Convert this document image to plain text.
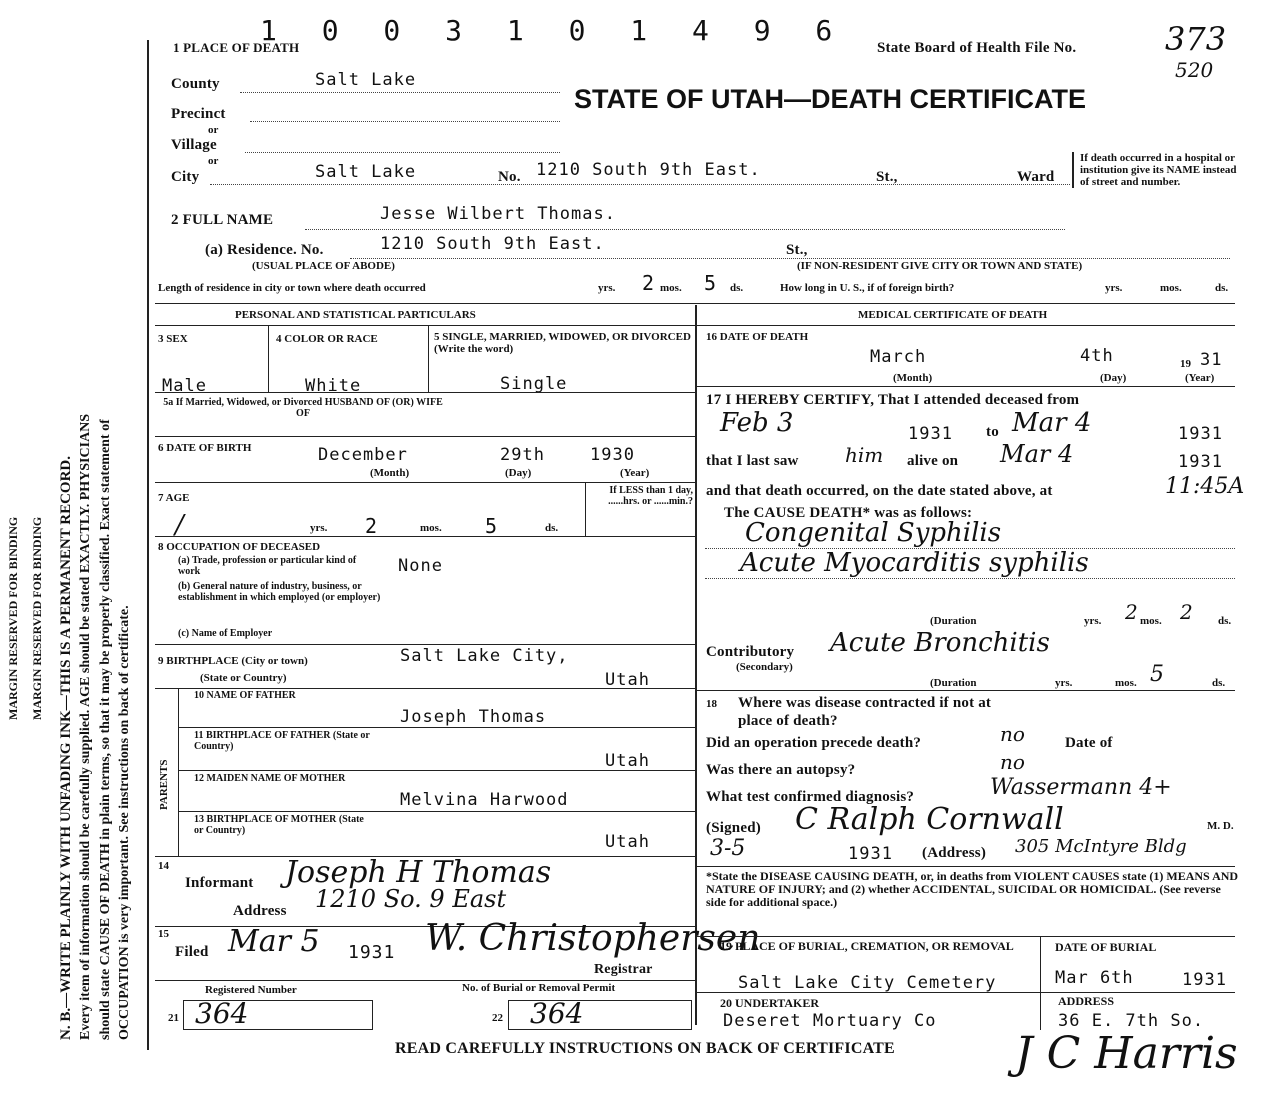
MARGIN RESERVED FOR BINDING MARGIN RESERVED FOR BINDING N. B.—WRITE PLAINLY WITH UNFADING INK—THIS IS A PERMANENT RECORD. Every item of information should be carefully supplied. AGE should be stated EXACTLY. PHYSICIANS should state CAUSE OF DEATH in plain terms, so that it may be properly classified. Exact statement of OCCUPATION is very important. See instructions on back of certificate.
1 0 0 3 1 0 1 4 9 6
1 PLACE OF DEATH	State Board of Health File No.	373
520
STATE OF UTAH—DEATH CERTIFICATE
County	Salt Lake
Precinct
or
Village
or
City	Salt Lake	No. 1210 South 9th East.	St.,	Ward
If death occurred in a hospital or institution give its NAME instead of street and number.
2 FULL NAME	Jesse Wilbert Thomas.
(a) Residence. No.	1210 South 9th East.	St.,
(USUAL PLACE OF ABODE)	(IF NON-RESIDENT GIVE CITY OR TOWN AND STATE)
Length of residence in city or town where death occurred	yrs. 2 mos. 5 ds.	How long in U. S., if of foreign birth?	yrs.	mos.	ds.
PERSONAL AND STATISTICAL PARTICULARS
3 SEX	4 COLOR OR RACE	5 SINGLE, MARRIED, WIDOWED, OR DIVORCED (Write the word)
Male	White	Single
5a If Married, Widowed, or Divorced HUSBAND OF (OR) WIFE OF
6 DATE OF BIRTH	December	29th	1930
(Month)	(Day)	(Year)
7 AGE
/	yrs. 2	mos. 5	ds.
If LESS than 1 day, ......hrs. or ......min.?
8 OCCUPATION OF DECEASED
(a) Trade, profession or particular kind of work	None
(b) General nature of industry, business, or establishment in which employed (or employer)
(c) Name of Employer
9 BIRTHPLACE (City or town)	Salt Lake City,
(State or Country)	Utah
PARENTS
10 NAME OF FATHER
Joseph Thomas
11 BIRTHPLACE OF FATHER (State or Country)
Utah
12 MAIDEN NAME OF MOTHER
Melvina Harwood
13 BIRTHPLACE OF MOTHER (State or Country)
Utah
14
Informant Joseph H Thomas
Address 1210 So. 9 East
15
Filed Mar 5 1931 W. Christophersen
Registrar
Registered Number	No. of Burial or Removal Permit
21 364	22 364
MEDICAL CERTIFICATE OF DEATH
16 DATE OF DEATH
March	4th	19 31
(Month)	(Day)	(Year)
17 I HEREBY CERTIFY, That I attended deceased from
Feb 3	1931 to Mar 4	1931
that I last saw him alive on Mar 4	1931
and that death occurred, on the date stated above, at	11:45A
The CAUSE DEATH* was as follows:
Congenital Syphilis
Acute Myocarditis syphilis
(Duration	yrs. 2 mos. 2 ds.
Contributory
(Secondary)
Acute Bronchitis
(Duration	yrs.	mos. 5	ds.
18 Where was disease contracted if not at place of death?
Did an operation precede death?	no	Date of
Was there an autopsy?	no
What test confirmed diagnosis?	Wassermann 4+
(Signed) C Ralph Cornwall	M. D.
3-5	1931 (Address) 305 McIntyre Bldg
*State the DISEASE CAUSING DEATH, or, in deaths from VIOLENT CAUSES state (1) MEANS AND NATURE OF INJURY; and (2) whether ACCIDENTAL, SUICIDAL OR HOMICIDAL. (See reverse side for additional space.)
19 PLACE OF BURIAL, CREMATION, OR REMOVAL
Salt Lake City Cemetery
DATE OF BURIAL
Mar 6th	1931
20 UNDERTAKER
Deseret Mortuary Co
ADDRESS
36 E. 7th So.
READ CAREFULLY INSTRUCTIONS ON BACK OF CERTIFICATE	J C Harris
